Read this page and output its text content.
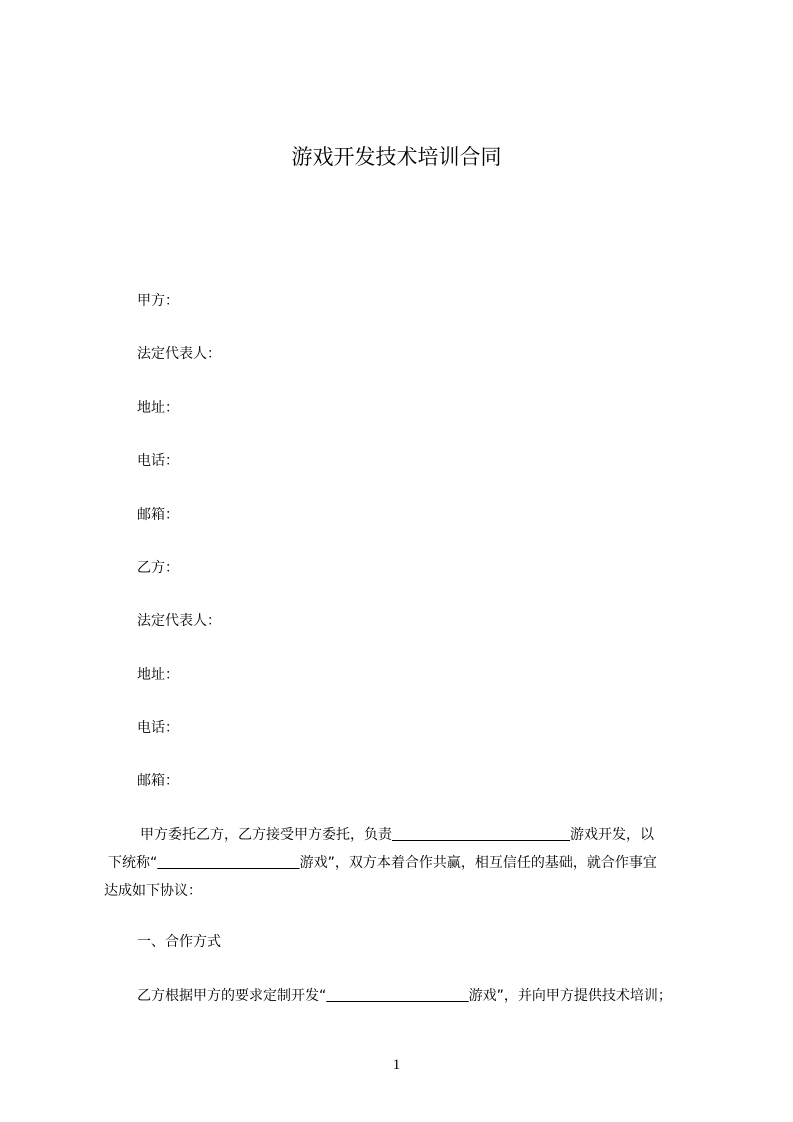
游戏开发技术培训合同
甲方：
法定代表人：
地址：
电话：
邮箱：
乙方：
法定代表人：
地址：
电话：
邮箱：
甲方委托乙方，乙方接受甲方委托，负责	游戏开发，以
下统称“	游戏”，双方本着合作共赢，相互信任的基础，就合作事宜
达成如下协议：
一、合作方式
乙方根据甲方的要求定制开发“	游戏”，并向甲方提供技术培训；
1
